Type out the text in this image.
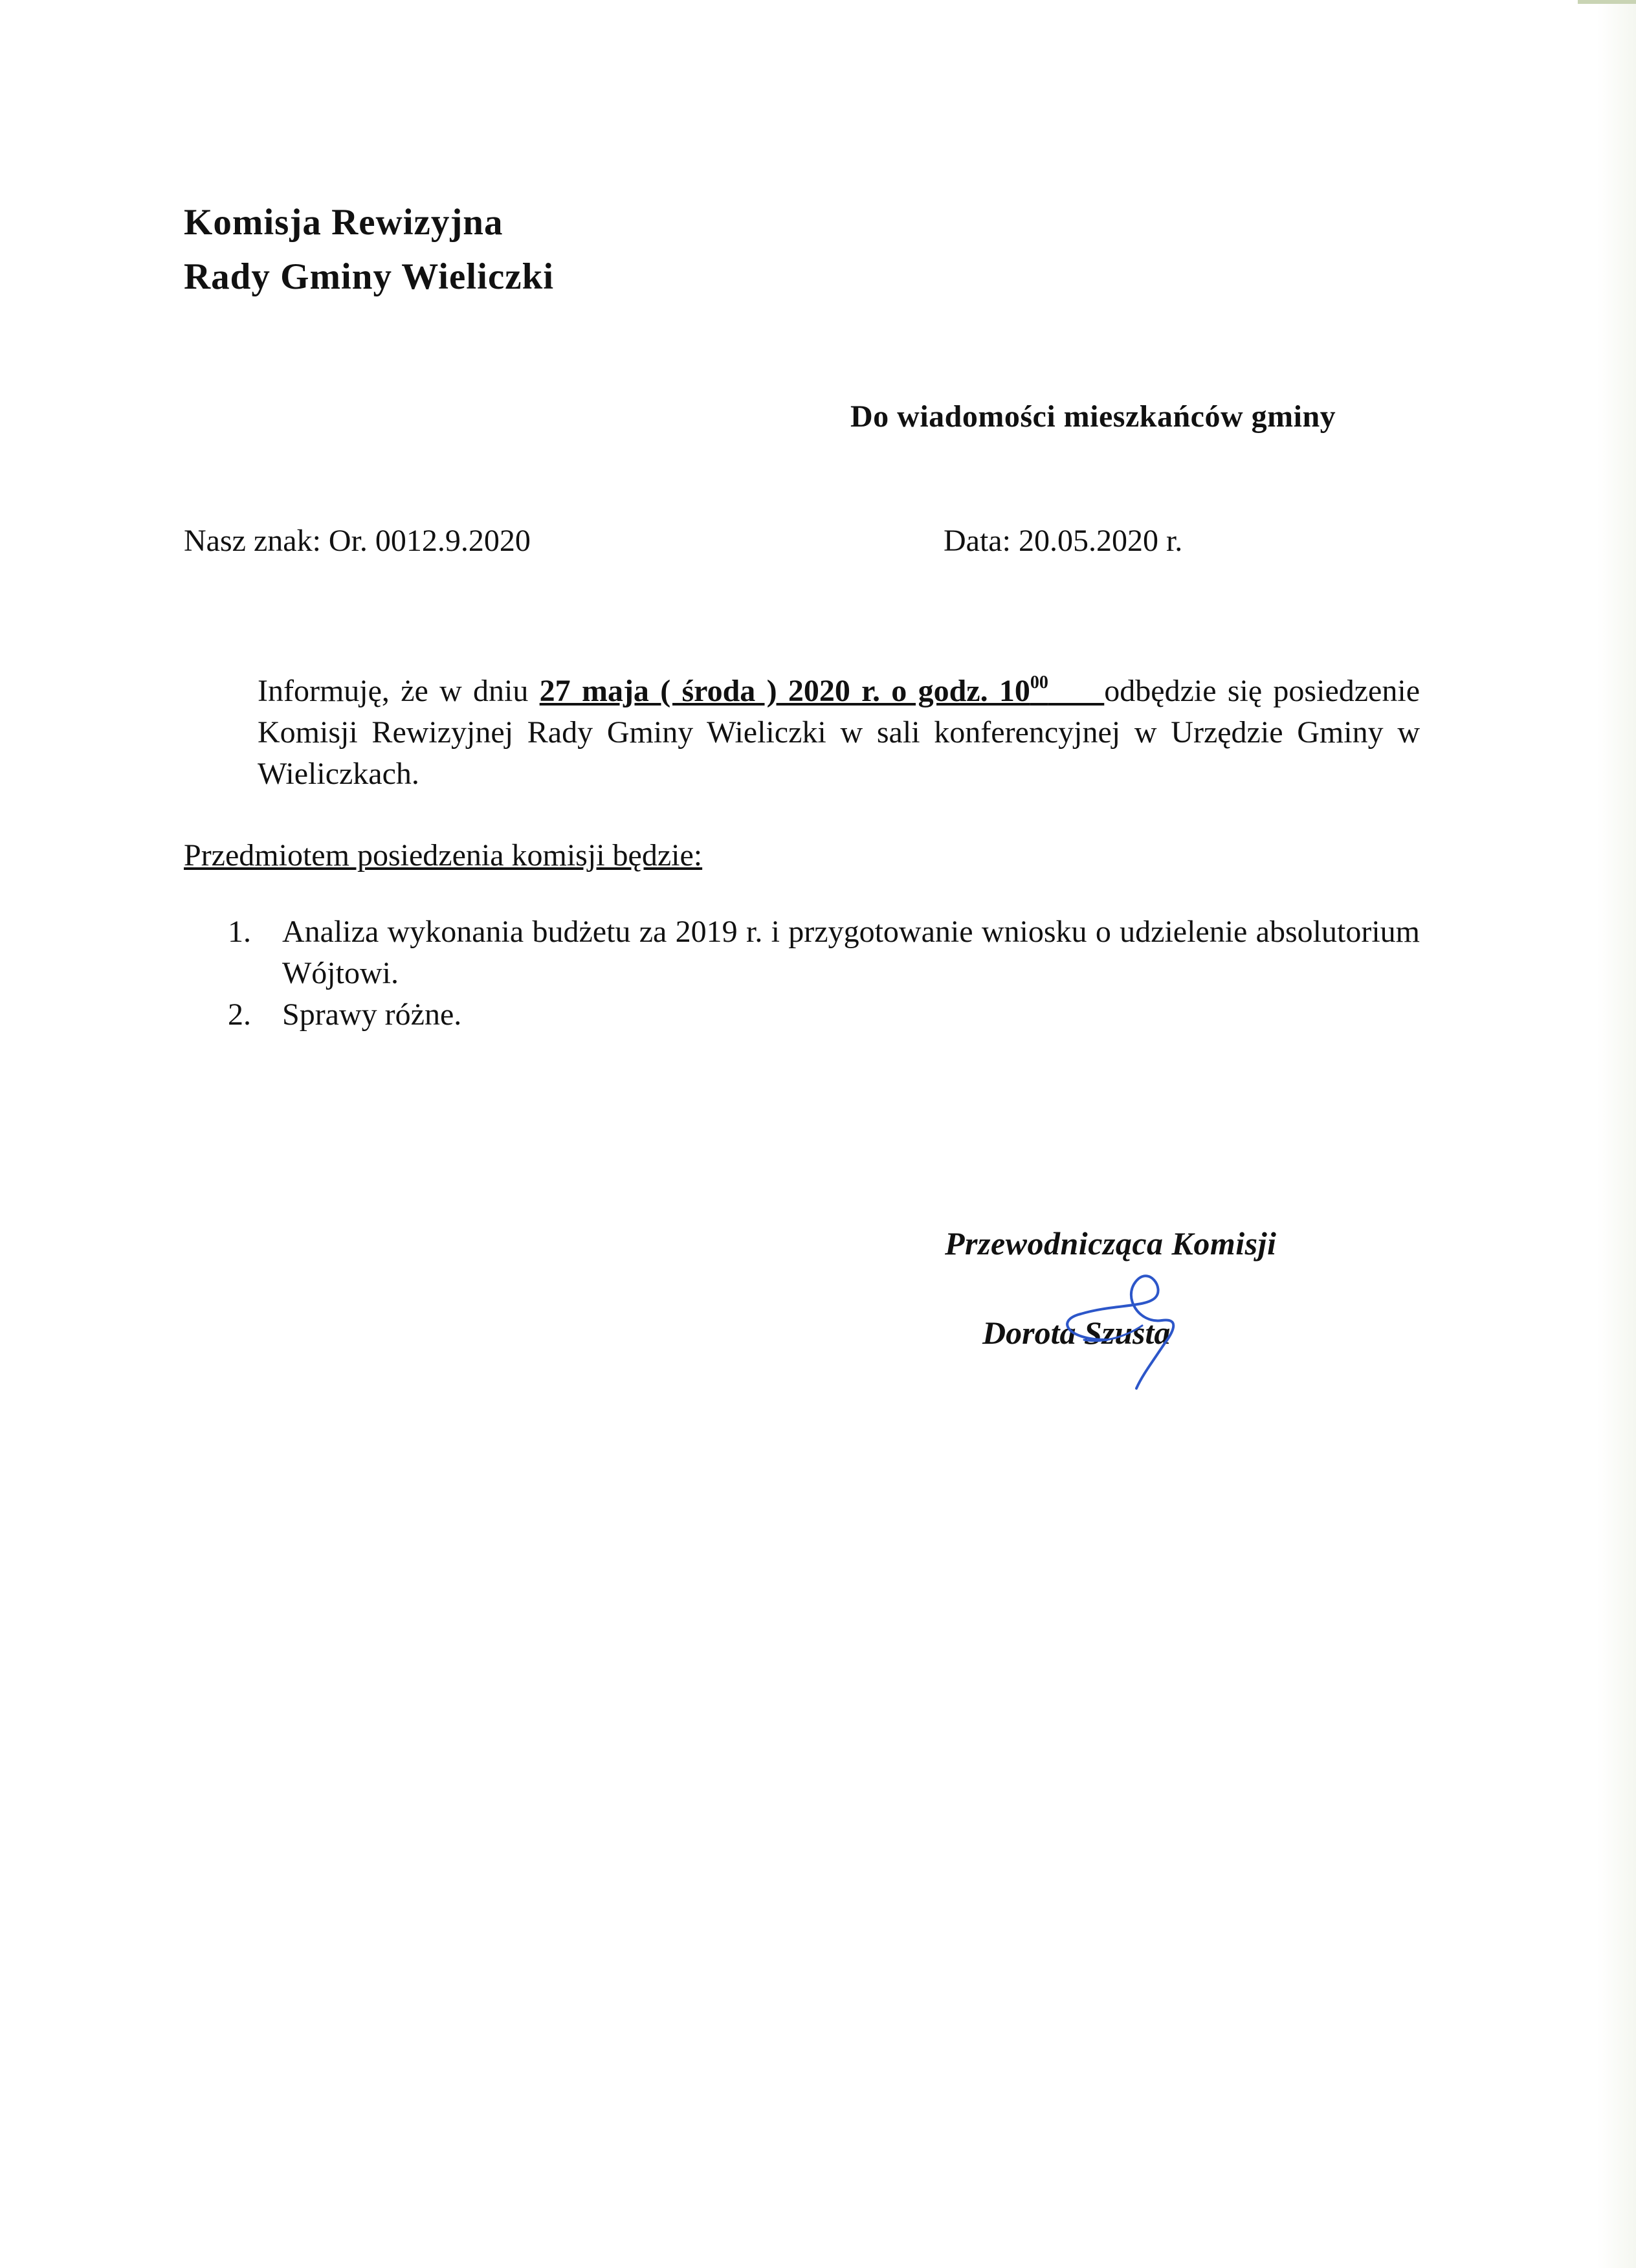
Komisja Rewizyjna
Rady Gminy Wieliczki
Do wiadomości mieszkańców gminy
Nasz znak: Or. 0012.9.2020	Data: 20.05.2020 r.

Informuję, że w dniu 27 maja ( środa ) 2020 r. o godz. $10^{00}$ odbędzie się posiedzenie Komisji Rewizyjnej Rady Gminy Wieliczki w sali konferencyjnej w Urzędzie Gminy w Wieliczkach.

Przedmiotem posiedzenia komisji będzie:
1. Analiza wykonania budżetu za 2019 r. i przygotowanie wniosku o udzielenie absolutorium Wójtowi.
2. Sprawy różne.
Przewodnicząca Komisji
Dorota Szusta
